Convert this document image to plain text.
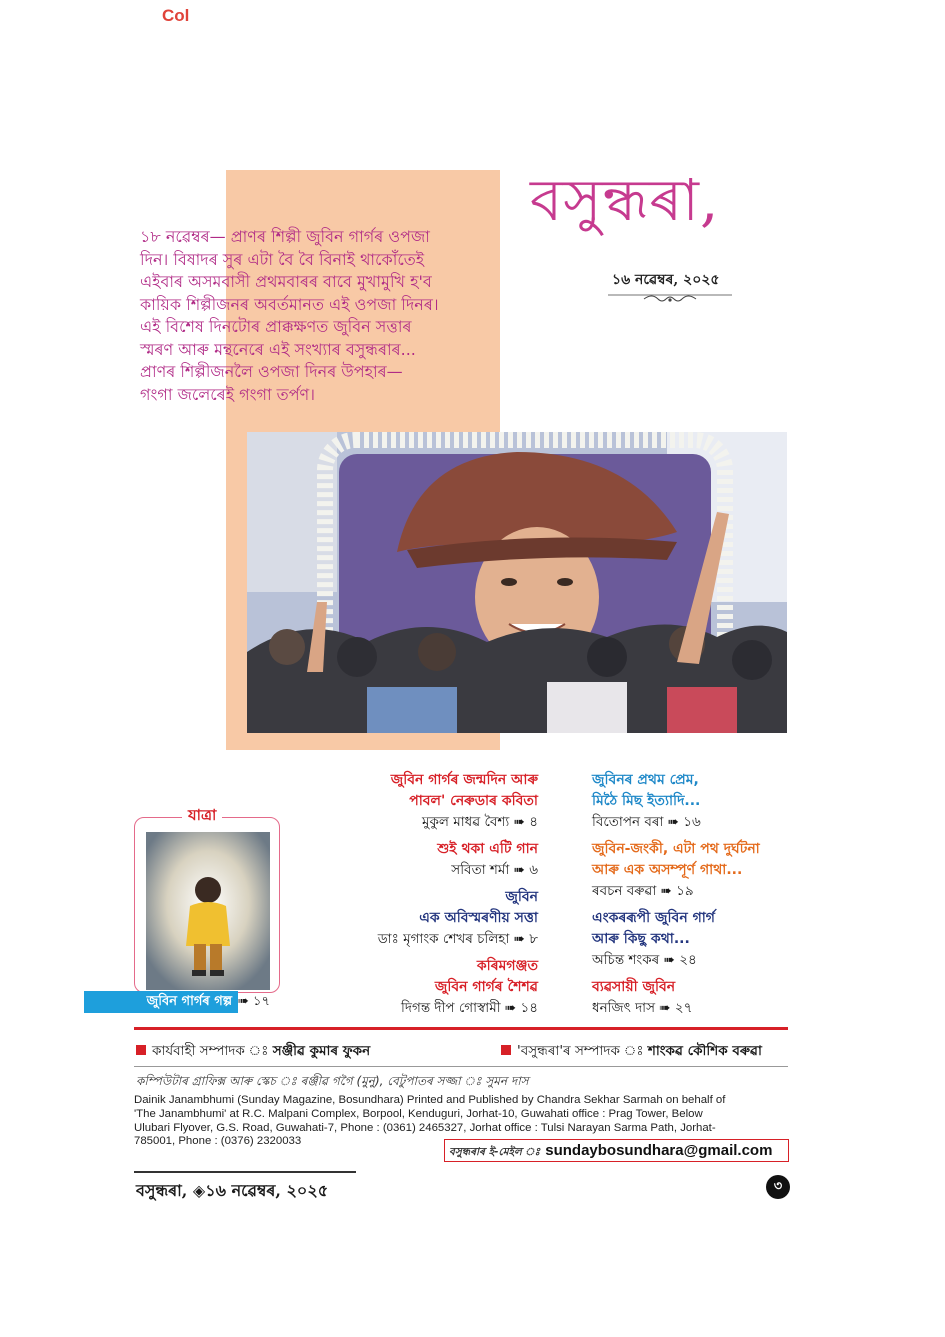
Col
বসুন্ধৰা,
১৬ নৱেম্বৰ, ২০২৫

১৮ নৱেম্বৰ— প্ৰাণৰ শিল্পী জুবিন গাৰ্গৰ ওপজা

দিন। বিষাদৰ সুৰ এটা বৈ বৈ বিনাই থাকোঁতেই

এইবাৰ অসমবাসী প্ৰথমবাৰৰ বাবে মুখামুখি হ'ব

কায়িক শিল্পীজনৰ অবৰ্তমানত এই ওপজা দিনৰ।

এই বিশেষ দিনটোৰ প্ৰাক্কক্ষণত জুবিন সত্তাৰ

স্মৰণ আৰু মন্থনেৰে এই সংখ্যাৰ বসুন্ধৰাৰ...

প্ৰাণৰ শিল্পীজনলৈ ওপজা দিনৰ উপহাৰ—

গংগা জলেৰেই গংগা তৰ্পণ।

জুবিন গাৰ্গৰ জন্মদিন আৰু
পাবল' নেৰুডাৰ কবিতা
মুকুল মাধৱ বৈশ্য ➠ ৪
শুই থকা এটি গান
সবিতা শৰ্মা ➠ ৬
জুবিন
এক অবিস্মৰণীয় সত্তা
ডাঃ মৃগাংক শেখৰ চলিহা ➠ ৮
কৰিমগঞ্জত
জুবিন গাৰ্গৰ শৈশৱ
দিগন্ত দীপ গোস্বামী ➠ ১৪
জুবিনৰ প্ৰথম প্ৰেম,
মিঠৈ মিছ ইত্যাদি...
বিতোপন বৰা ➠ ১৬
জুবিন-জংকী, এটা পথ দুৰ্ঘটনা
আৰু এক অসম্পূৰ্ণ গাথা...
ৰবচন বৰুৱা ➠ ১৯
এংকৰৰূপী জুবিন গাৰ্গ
আৰু কিছু কথা...
অচিন্ত শংকৰ ➠ ২৪
ব্যৱসায়ী জুবিন
ধনজিৎ দাস ➠ ২৭
যাত্ৰা
জুবিন গাৰ্গৰ গল্প ➠ ১৭
কাৰ্যবাহী সম্পাদক ঃ সঞ্জীৱ কুমাৰ ফুকন	'বসুন্ধৰা'ৰ সম্পাদক ঃ শাংকৱ কৌশিক বৰুৱা
কম্পিউটাৰ গ্ৰাফিক্স আৰু স্কেচ ঃ ৰঞ্জীৱ গগৈ (মুনু), বেটুপাতৰ সজ্জা ঃ সুমন দাস

Dainik Janambhumi (Sunday Magazine, Bosundhara) Printed and Published by Chandra Sekhar Sarmah on behalf of

'The Janambhumi' at R.C. Malpani Complex, Borpool, Kenduguri, Jorhat-10, Guwahati office : Prag Tower, Below

Ulubari Flyover, G.S. Road, Guwahati-7, Phone : (0361) 2465327, Jorhat office : Tulsi Narayan Sarma Path, Jorhat-

785001, Phone : (0376) 2320033

বসুন্ধৰাৰ ই-মেইল ঃ sundaybosundhara@gmail.com
বসুন্ধৰা, ◈১৬ নৱেম্বৰ, ২০২৫	৩
